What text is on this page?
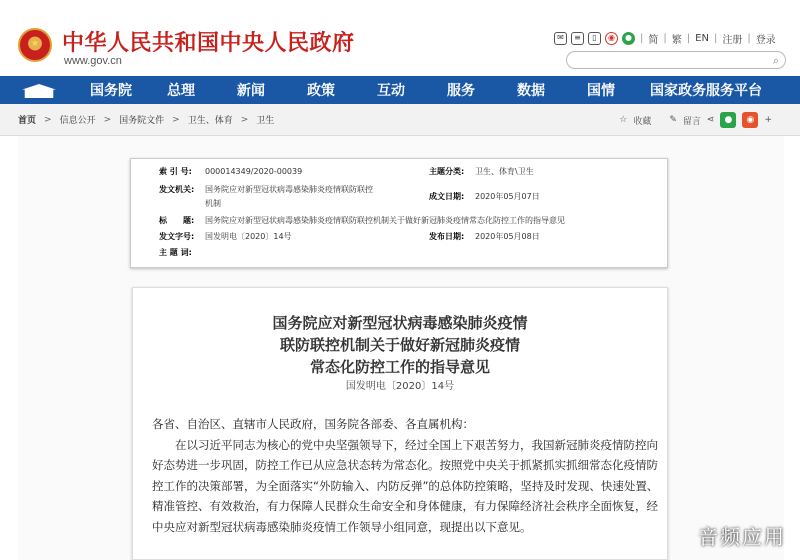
中华人民共和国中央人民政府
www.gov.cn
✉	≡	▯	◉	● | 简 | 繁 | EN | 注册 | 登录
⌕
国务院	总理	新闻	政策	互动	服务	数据	国情	国家政务服务平台
首页 > 信息公开 > 国务院文件 > 卫生、体育 > 卫生	☆ 收藏 ✎ 留言 ⋖	●	◉	+
索 引 号: 000014349/2020-00039	主题分类: 卫生、体育\卫生
发文机关: 国务院应对新型冠状病毒感染肺炎疫情联防联控
机制
成文日期: 2020年05月07日
标　　题: 国务院应对新型冠状病毒感染肺炎疫情联防联控机制关于做好新冠肺炎疫情常态化防控工作的指导意见
发文字号: 国发明电〔2020〕14号	发布日期: 2020年05月08日
主 题 词:
国务院应对新型冠状病毒感染肺炎疫情
联防联控机制关于做好新冠肺炎疫情
常态化防控工作的指导意见
国发明电〔2020〕14号

各省、自治区、直辖市人民政府，国务院各部委、各直属机构：

在以习近平同志为核心的党中央坚强领导下，经过全国上下艰苦努力，我国新冠肺炎疫情防控向好态势进一步巩固，防控工作已从应急状态转为常态化。按照党中央关于抓紧抓实抓细常态化疫情防控工作的决策部署，为全面落实“外防输入、内防反弹”的总体防控策略，坚持及时发现、快速处置、精准管控、有效救治，有力保障人民群众生命安全和身体健康，有力保障经济社会秩序全面恢复，经中央应对新型冠状病毒感染肺炎疫情工作领导小组同意，现提出以下意见。	音频应用
